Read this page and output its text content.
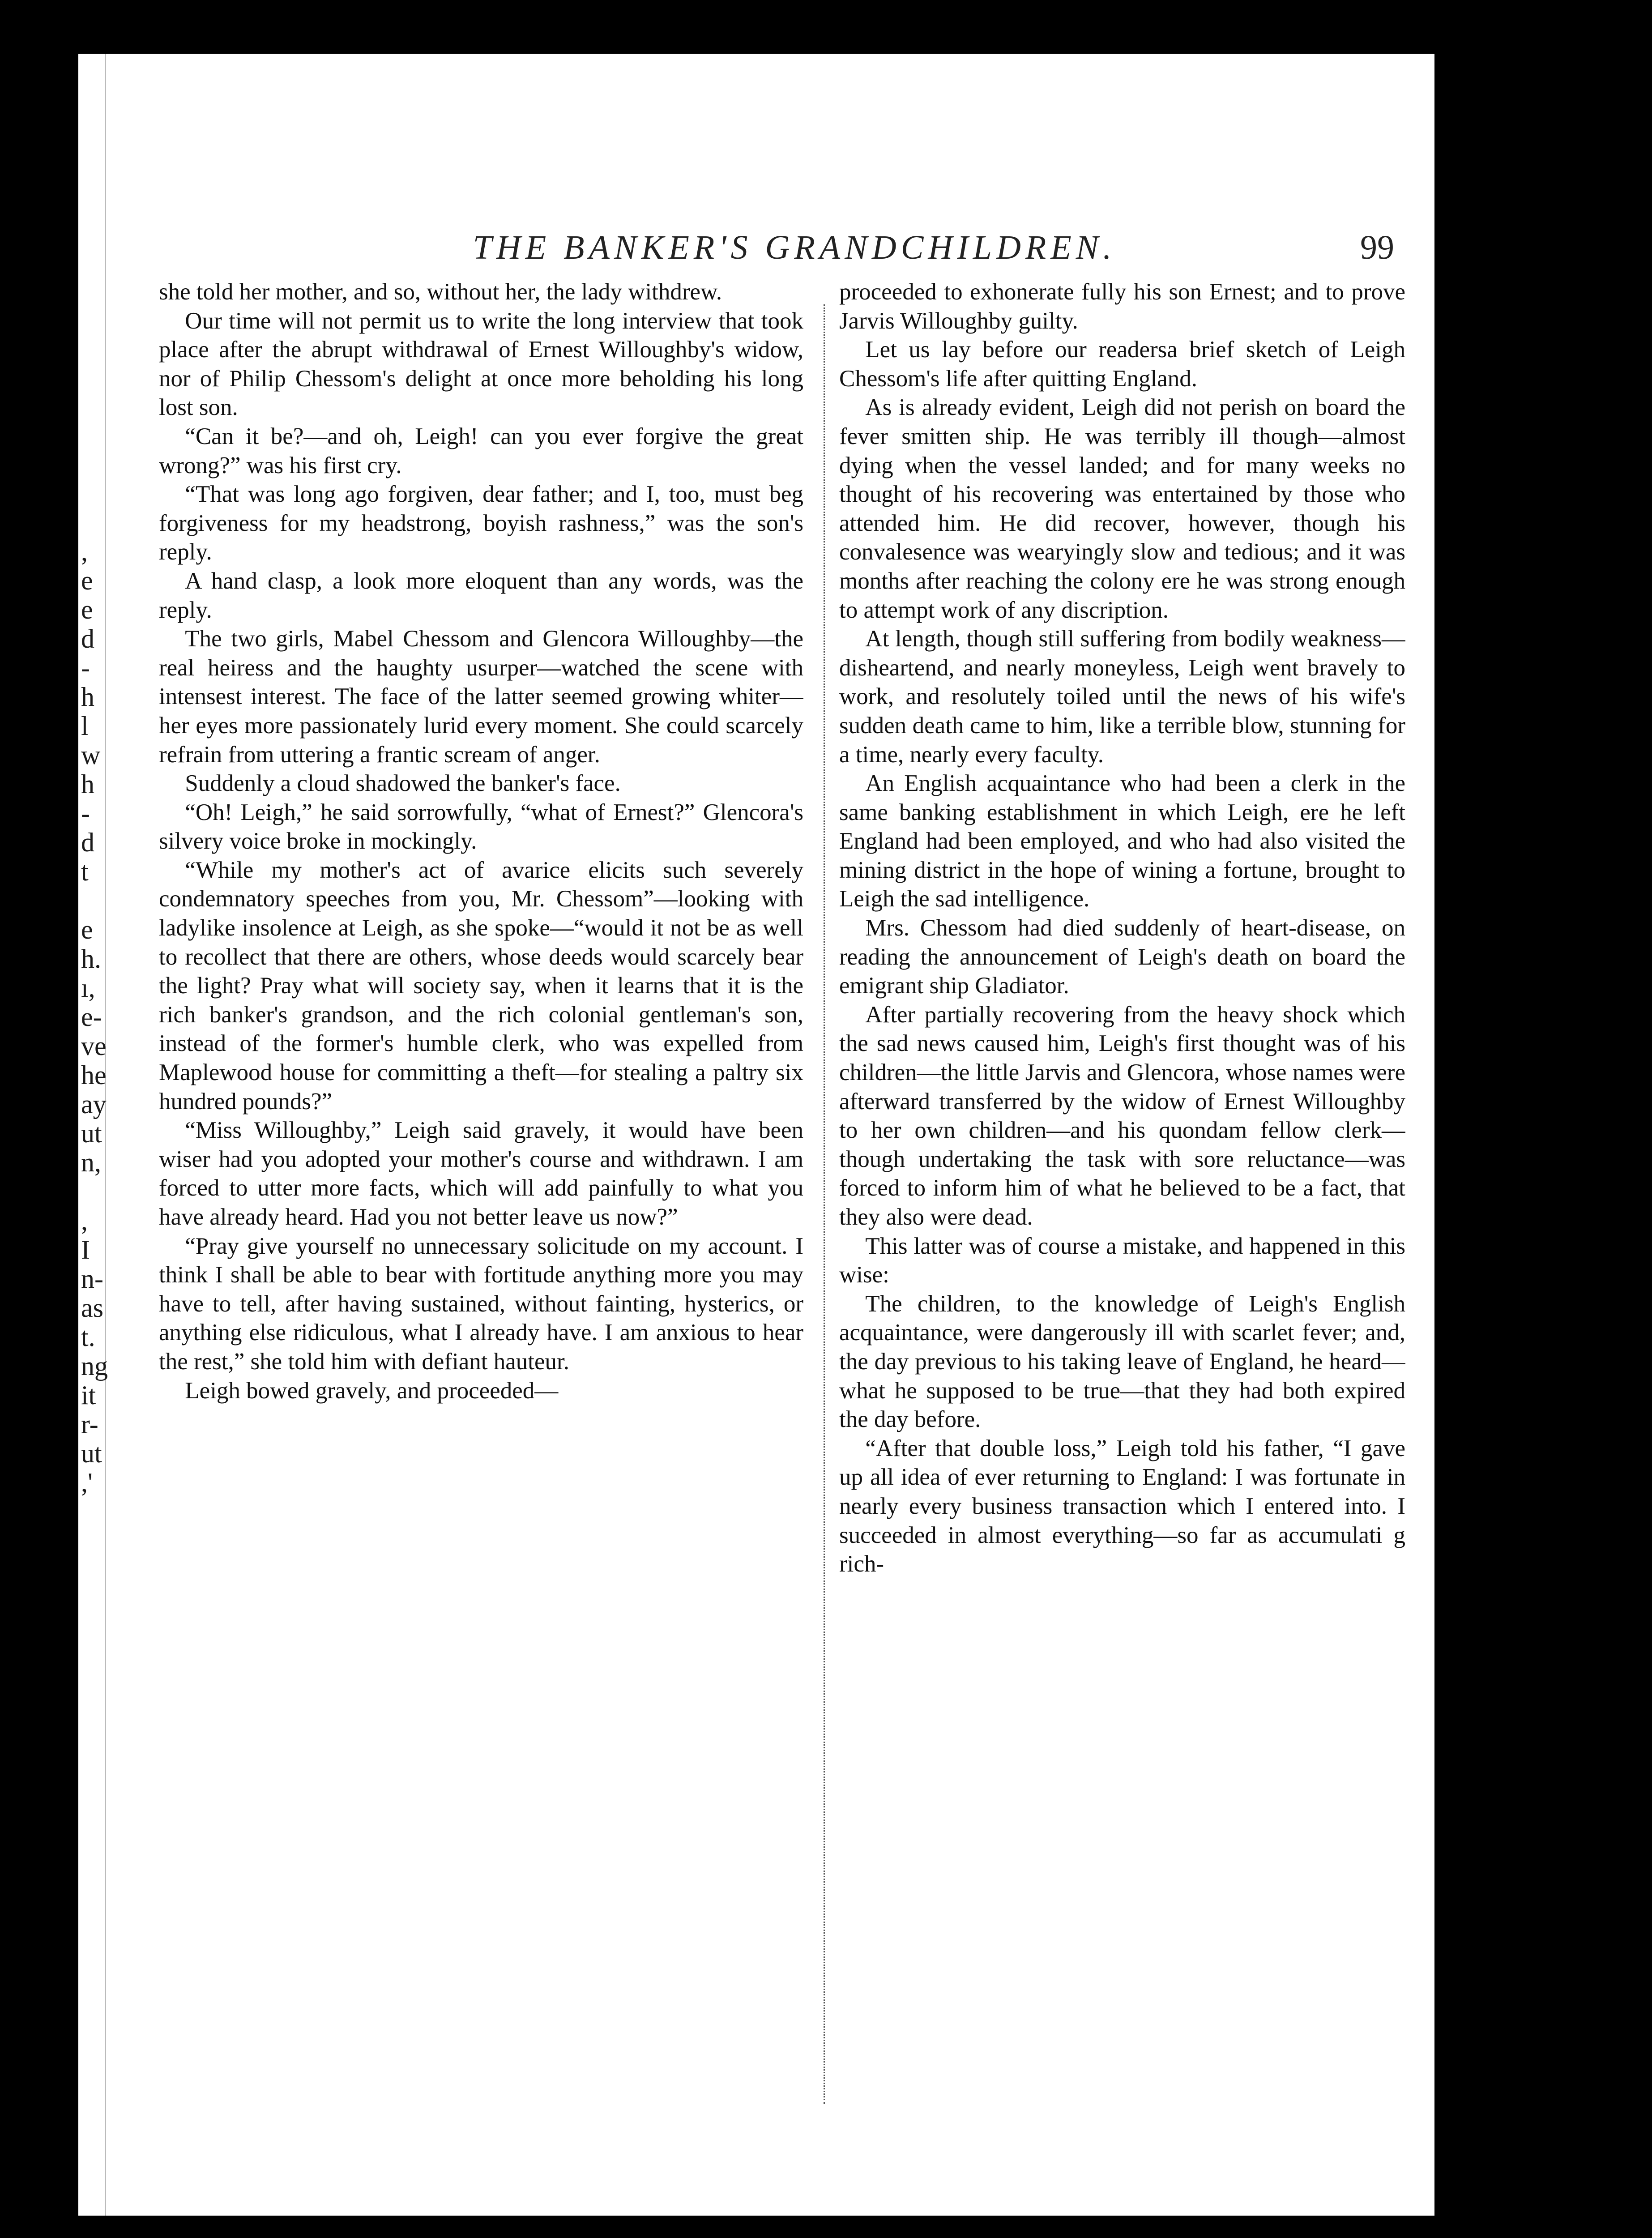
,
e
e
d
-
h
l
w
h
-
d
t
e
h.
ı,
e-
ve
he
ay
ut
n,
,
I
n-
as
t.
ng
it
r-
ut
,'
THE BANKER'S GRANDCHILDREN.	99

she told her mother, and so, without her, the lady withdrew.

Our time will not permit us to write the long interview that took place after the abrupt withdrawal of Ernest Willoughby's widow, nor of Philip Chessom's delight at once more beholding his long lost son.

“Can it be?—and oh, Leigh! can you ever forgive the great wrong?” was his first cry.

“That was long ago forgiven, dear father; and I, too, must beg forgiveness for my headstrong, boyish rashness,” was the son's reply.

A hand clasp, a look more eloquent than any words, was the reply.

The two girls, Mabel Chessom and Glencora Willoughby—the real heiress and the haughty usurper—watched the scene with intensest interest. The face of the latter seemed growing whiter—her eyes more passionately lurid every moment. She could scarcely refrain from uttering a frantic scream of anger.

Suddenly a cloud shadowed the banker's face.

“Oh! Leigh,” he said sorrowfully, “what of Ernest?” Glencora's silvery voice broke in mockingly.

“While my mother's act of avarice elicits such severely condemnatory speeches from you, Mr. Chessom”—looking with ladylike insolence at Leigh, as she spoke—“would it not be as well to recollect that there are others, whose deeds would scarcely bear the light? Pray what will society say, when it learns that it is the rich banker's grandson, and the rich colonial gentleman's son, instead of the former's humble clerk, who was expelled from Maplewood house for committing a theft—for stealing a paltry six hundred pounds?”

“Miss Willoughby,” Leigh said gravely, it would have been wiser had you adopted your mother's course and withdrawn. I am forced to utter more facts, which will add painfully to what you have already heard. Had you not better leave us now?”

“Pray give yourself no unnecessary solicitude on my account. I think I shall be able to bear with fortitude anything more you may have to tell, after having sustained, without fainting, hysterics, or anything else ridiculous, what I already have. I am anxious to hear the rest,” she told him with defiant hauteur.

Leigh bowed gravely, and proceeded—

proceeded to exhonerate fully his son Ernest; and to prove Jarvis Willoughby guilty.

Let us lay before our readersa brief sketch of Leigh Chessom's life after quitting England.

As is already evident, Leigh did not perish on board the fever smitten ship. He was terribly ill though—almost dying when the vessel landed; and for many weeks no thought of his recovering was entertained by those who attended him. He did recover, however, though his convalesence was wearyingly slow and tedious; and it was months after reaching the colony ere he was strong enough to attempt work of any discription.

At length, though still suffering from bodily weakness—disheartend, and nearly moneyless, Leigh went bravely to work, and resolutely toiled until the news of his wife's sudden death came to him, like a terrible blow, stunning for a time, nearly every faculty.

An English acquaintance who had been a clerk in the same banking establishment in which Leigh, ere he left England had been employed, and who had also visited the mining district in the hope of wining a fortune, brought to Leigh the sad intelligence.

Mrs. Chessom had died suddenly of heart-disease, on reading the announcement of Leigh's death on board the emigrant ship Gladiator.

After partially recovering from the heavy shock which the sad news caused him, Leigh's first thought was of his children—the little Jarvis and Glencora, whose names were afterward transferred by the widow of Ernest Willoughby to her own children—and his quondam fellow clerk—though undertaking the task with sore reluctance—was forced to inform him of what he believed to be a fact, that they also were dead.

This latter was of course a mistake, and happened in this wise:

The children, to the knowledge of Leigh's English acquaintance, were dangerously ill with scarlet fever; and, the day previous to his taking leave of England, he heard—what he supposed to be true—that they had both expired the day before.

“After that double loss,” Leigh told his father, “I gave up all idea of ever returning to England: I was fortunate in nearly every business transaction which I entered into. I succeeded in almost everything—so far as accumulati g rich-
